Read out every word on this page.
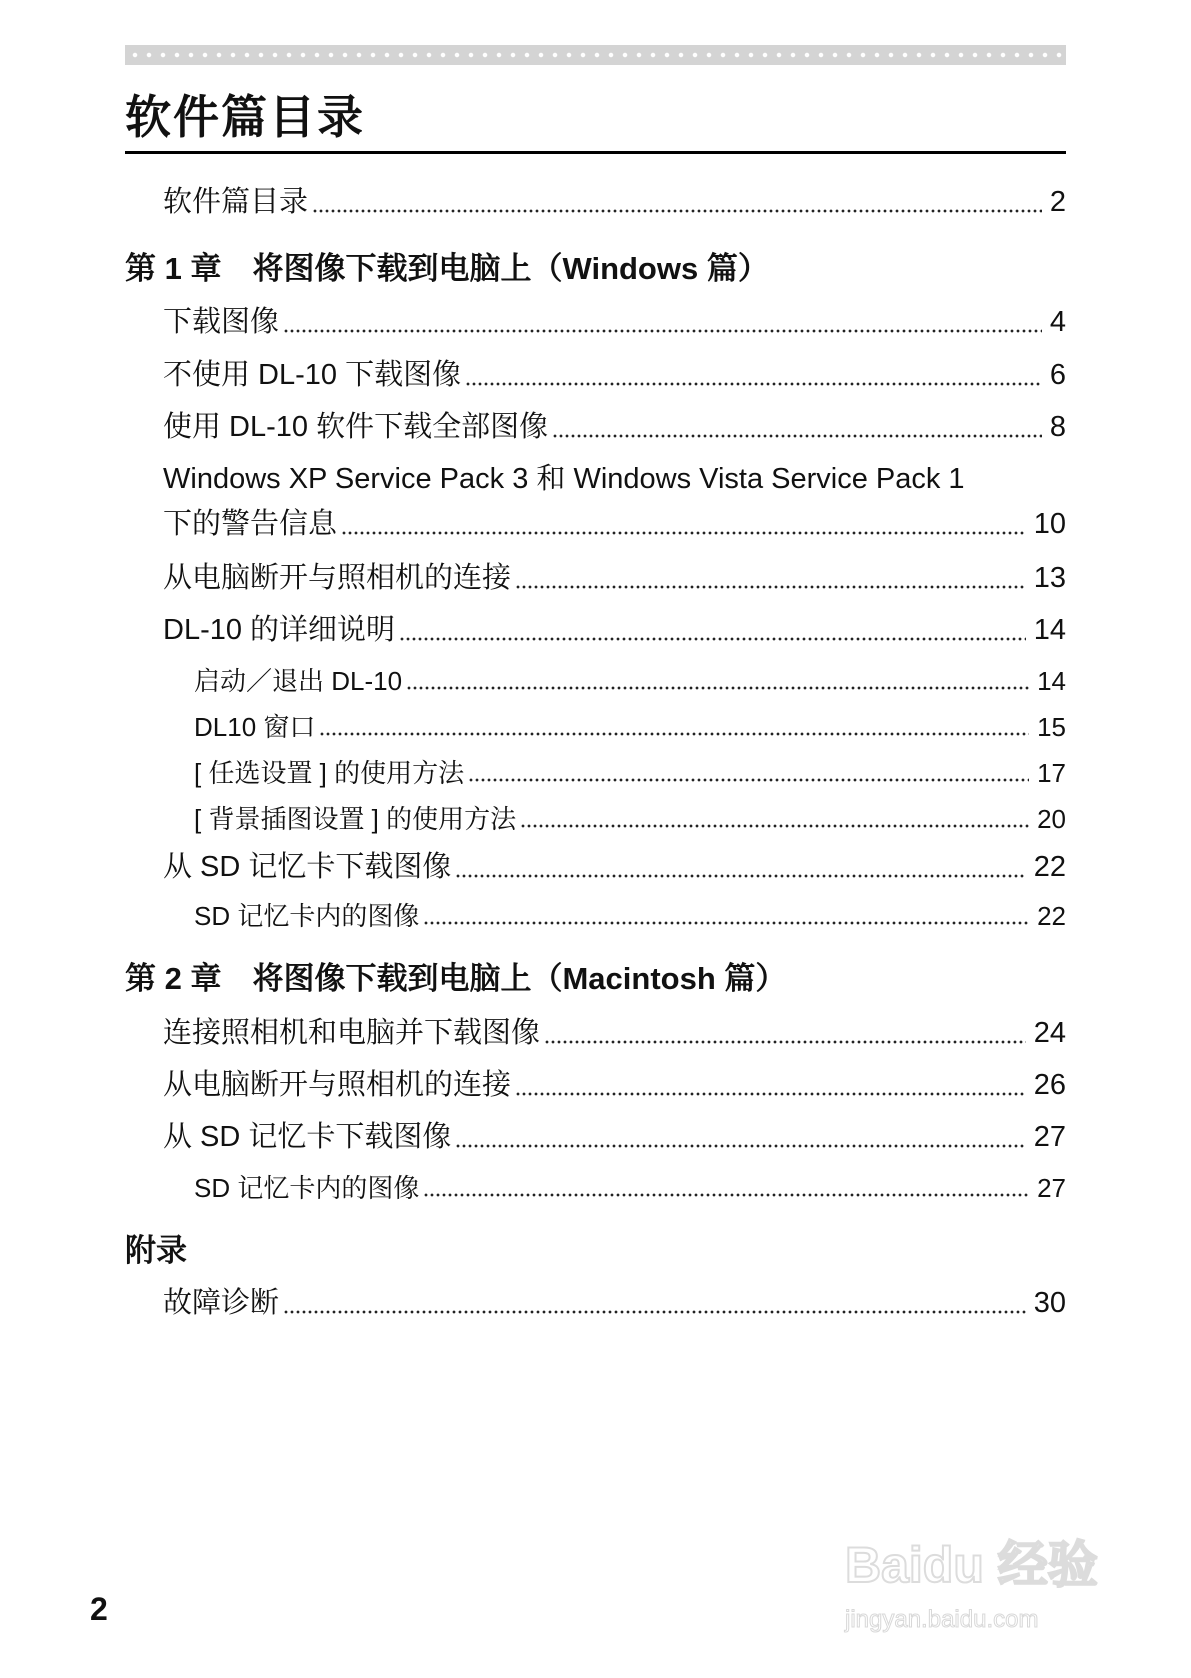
软件篇目录
软件篇目录	2
第 1 章　将图像下载到电脑上（Windows 篇）
下载图像	4
不使用 DL-10 下载图像	6
使用 DL-10 软件下载全部图像	8
Windows XP Service Pack 3 和 Windows Vista Service Pack 1
下的警告信息	10
从电脑断开与照相机的连接	13
DL-10 的详细说明	14
启动／退出 DL-10	14
DL10 窗口	15
[ 任选设置 ] 的使用方法	17
[ 背景插图设置 ] 的使用方法	20
从 SD 记忆卡下载图像	22
SD 记忆卡内的图像	22
第 2 章　将图像下载到电脑上（Macintosh 篇）
连接照相机和电脑并下载图像	24
从电脑断开与照相机的连接	26
从 SD 记忆卡下载图像	27
SD 记忆卡内的图像	27
附录
故障诊断	30
2
Baidu 经验
jingyan.baidu.com
